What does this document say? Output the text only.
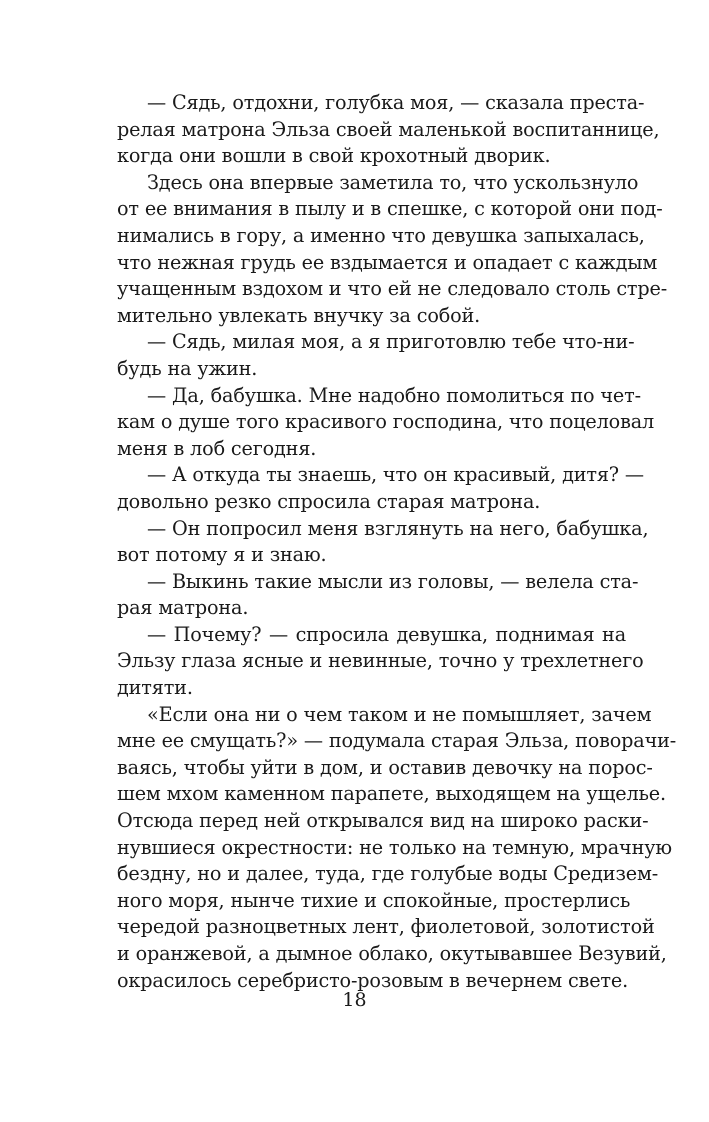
— Сядь, отдохни, голубка моя, — сказала преста-
релая матрона Эльза своей маленькой воспитаннице,
когда они вошли в свой крохотный дворик.
Здесь она впервые заметила то, что ускользнуло
от ее внимания в пылу и в спешке, с которой они под-
нимались в гору, а именно что девушка запыхалась,
что нежная грудь ее вздымается и опадает с каждым
учащенным вздохом и что ей не следовало столь стре-
мительно увлекать внучку за собой.
— Сядь, милая моя, а я приготовлю тебе что-ни-
будь на ужин.
— Да, бабушка. Мне надобно помолиться по чет-
кам о душе того красивого господина, что поцеловал
меня в лоб сегодня.
— А откуда ты знаешь, что он красивый, дитя? —
довольно резко спросила старая матрона.
— Он попросил меня взглянуть на него, бабушка,
вот потому я и знаю.
— Выкинь такие мысли из головы, — велела ста-
рая матрона.
— Почему? — спросила девушка, поднимая на
Эльзу глаза ясные и невинные, точно у трехлетнего
дитяти.
«Если она ни о чем таком и не помышляет, зачем
мне ее смущать?» — подумала старая Эльза, поворачи-
ваясь, чтобы уйти в дом, и оставив девочку на порос-
шем мхом каменном парапете, выходящем на ущелье.
Отсюда перед ней открывался вид на широко раски-
нувшиеся окрестности: не только на темную, мрачную
бездну, но и далее, туда, где голубые воды Средизем-
ного моря, нынче тихие и спокойные, простерлись
чередой разноцветных лент, фиолетовой, золотистой
и оранжевой, а дымное облако, окутывавшее Везувий,
окрасилось серебристо-розовым в вечернем свете.
18
